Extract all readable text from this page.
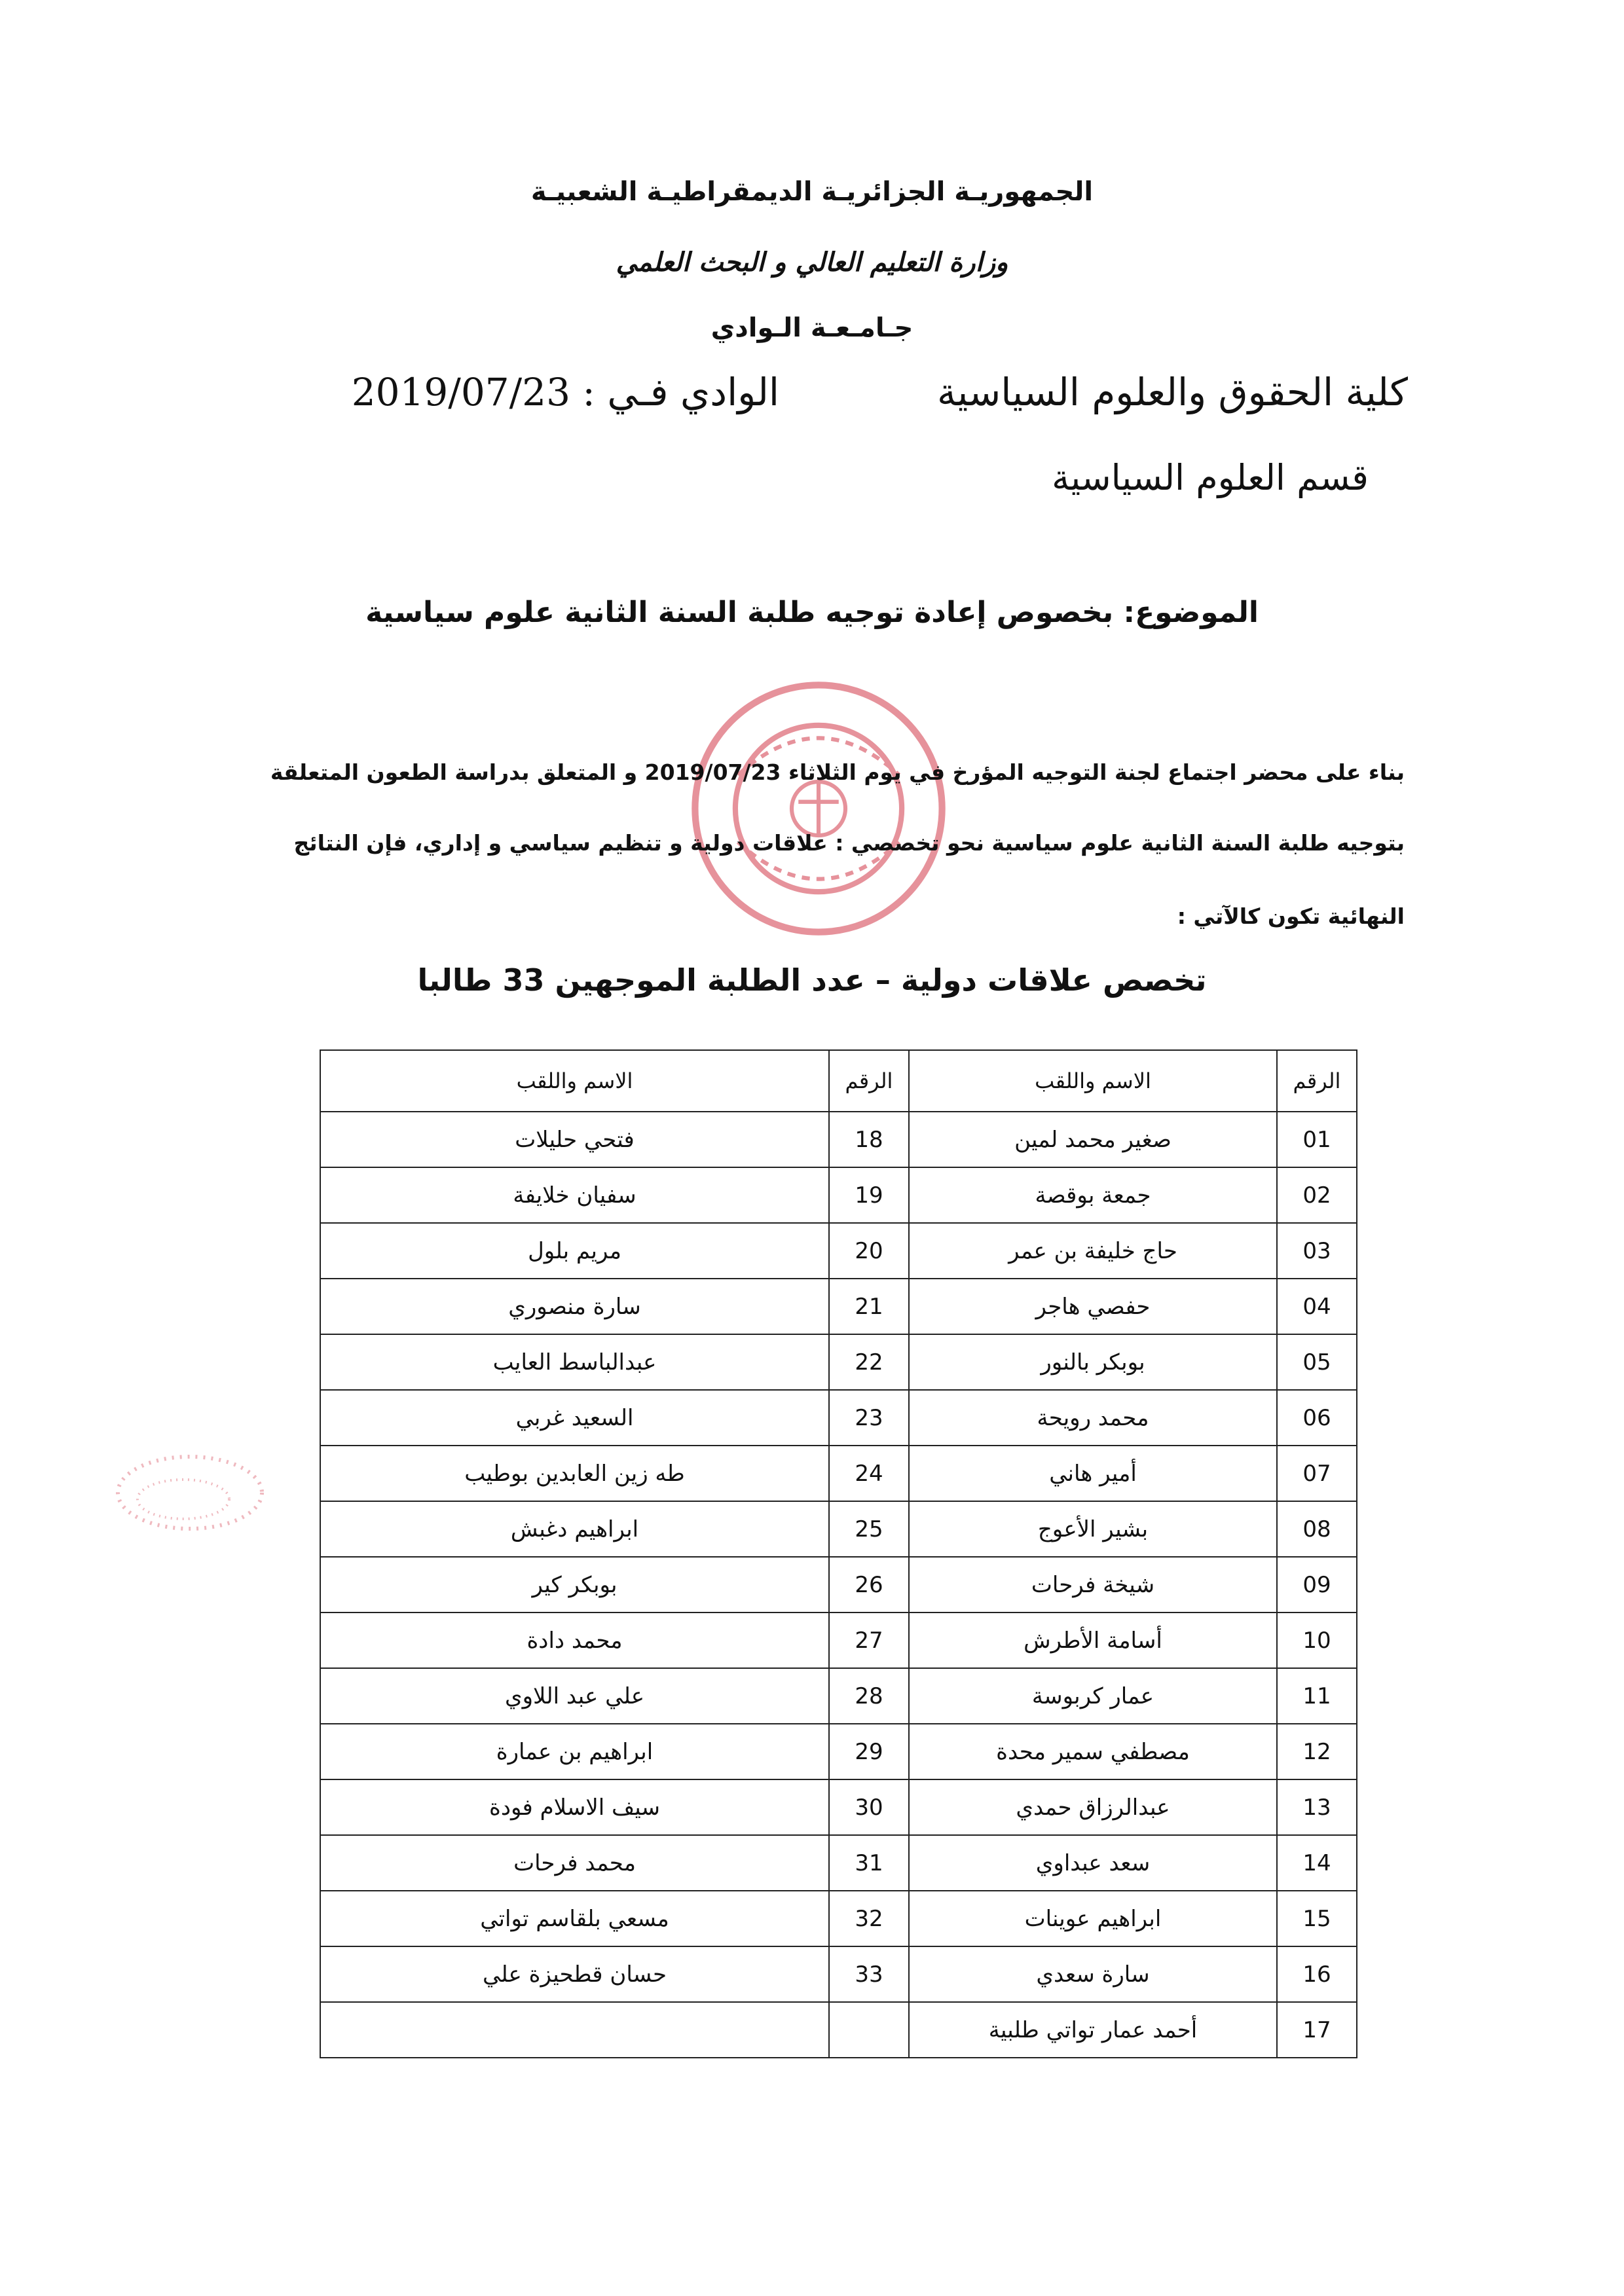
الجمهوريـة الجزائريـة الديمقراطيـة الشعبيـة
وزارة التعليم العالي و البحث العلمي
جـامـعـة الـوادي
كلية الحقوق والعلوم السياسية
الوادي فـي : 2019/07/23
قسم العلوم السياسية
الموضوع: بخصوص إعادة توجيه طلبة السنة الثانية علوم سياسية
بناء على محضر اجتماع لجنة التوجيه المؤرخ في يوم الثلاثاء 2019/07/23 و المتعلق بدراسة الطعون المتعلقة
بتوجيه طلبة السنة الثانية علوم سياسية نحو تخصصي : علاقات دولية و تنظيم سياسي و إداري، فإن النتائج
النهائية تكون كالآتي :
تخصص علاقات دولية – عدد الطلبة الموجهين 33 طالبا
الرقم	الاسم واللقب	الرقم	الاسم واللقب
01	صغير محمد لمين	18	فتحي حليلات
02	جمعة بوقصة	19	سفيان خلايفة
03	حاج خليفة بن عمر	20	مريم بلول
04	حفصي هاجر	21	سارة منصوري
05	بوبكر بالنور	22	عبدالباسط العايب
06	محمد رويحة	23	السعيد غربي
07	أمير هاني	24	طه زين العابدين بوطيب
08	بشير الأعوج	25	ابراهيم دغبش
09	شيخة فرحات	26	بوبكر كير
10	أسامة الأطرش	27	محمد دادة
11	عمار كربوسة	28	علي عبد اللاوي
12	مصطفي سمير محدة	29	ابراهيم بن عمارة
13	عبدالرزاق حمدي	30	سيف الاسلام فودة
14	سعد عبداوي	31	محمد فرحات
15	ابراهيم عوينات	32	مسعي بلقاسم تواتي
16	سارة سعدي	33	حسان قطحيزة علي
17	أحمد عمار تواتي طلبية		
